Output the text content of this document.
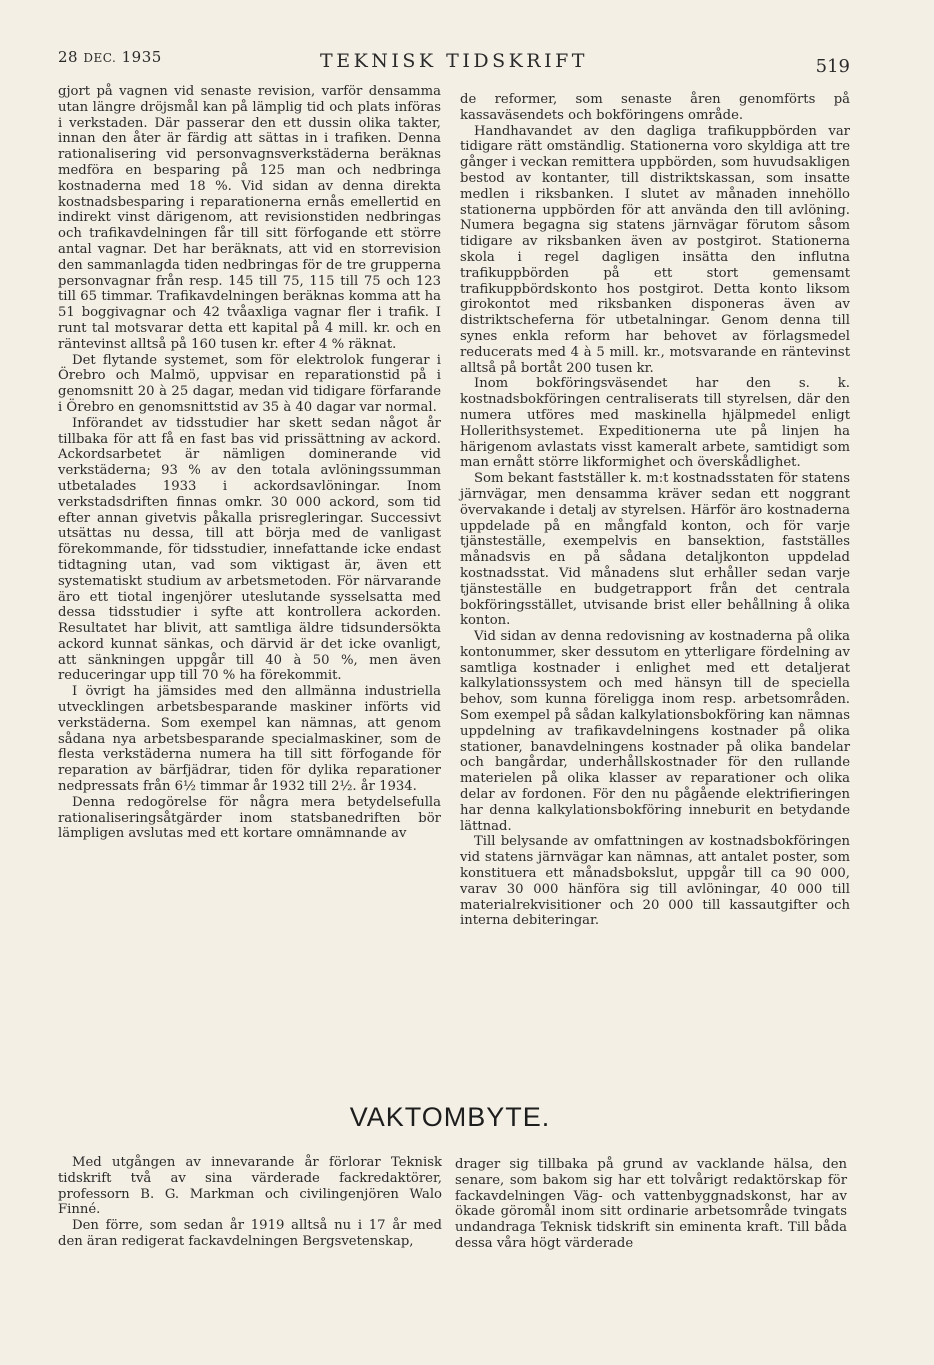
28 DEC. 1935	TEKNISK TIDSKRIFT	519

gjort på vagnen vid senaste revision, varför densamma utan längre dröjsmål kan på lämplig tid och plats införas i verkstaden. Där passerar den ett dussin olika takter, innan den åter är färdig att sättas in i trafiken. Denna rationalisering vid personvagnsverkstäderna beräknas medföra en besparing på 125 man och nedbringa kostnaderna med 18 %. Vid sidan av denna direkta kostnadsbesparing i reparationerna ernås emellertid en indirekt vinst därigenom, att revisionstiden nedbringas och trafikavdelningen får till sitt förfogande ett större antal vagnar. Det har beräknats, att vid en storrevision den sammanlagda tiden nedbringas för de tre grupperna personvagnar från resp. 145 till 75, 115 till 75 och 123 till 65 timmar. Trafikavdelningen beräknas komma att ha 51 boggivagnar och 42 tvåaxliga vagnar fler i trafik. I runt tal motsvarar detta ett kapital på 4 mill. kr. och en räntevinst alltså på 160 tusen kr. efter 4 % räknat.

Det flytande systemet, som för elektrolok fungerar i Örebro och Malmö, uppvisar en reparationstid på i genomsnitt 20 à 25 dagar, medan vid tidigare förfarande i Örebro en genomsnittstid av 35 à 40 dagar var normal.

Införandet av tidsstudier har skett sedan något år tillbaka för att få en fast bas vid prissättning av ackord. Ackordsarbetet är nämligen dominerande vid verkstäderna; 93 % av den totala avlöningssumman utbetalades 1933 i ackordsavlöningar. Inom verkstadsdriften finnas omkr. 30 000 ackord, som tid efter annan givetvis påkalla prisregleringar. Successivt utsättas nu dessa, till att börja med de vanligast förekommande, för tidsstudier, innefattande icke endast tidtagning utan, vad som viktigast är, även ett systematiskt studium av arbetsmetoden. För närvarande äro ett tiotal ingenjörer uteslutande sysselsatta med dessa tidsstudier i syfte att kontrollera ackorden. Resultatet har blivit, att samtliga äldre tidsundersökta ackord kunnat sänkas, och därvid är det icke ovanligt, att sänkningen uppgår till 40 à 50 %, men även reduceringar upp till 70 % ha förekommit.

I övrigt ha jämsides med den allmänna industriella utvecklingen arbetsbesparande maskiner införts vid verkstäderna. Som exempel kan nämnas, att genom sådana nya arbetsbesparande specialmaskiner, som de flesta verkstäderna numera ha till sitt förfogande för reparation av bärfjädrar, tiden för dylika reparationer nedpressats från 6½ timmar år 1932 till 2½. år 1934.

Denna redogörelse för några mera betydelsefulla rationaliseringsåtgärder inom statsbanedriften bör lämpligen avslutas med ett kortare omnämnande av

de reformer, som senaste åren genomförts på kassaväsendets och bokföringens område.

Handhavandet av den dagliga trafikuppbörden var tidigare rätt omständlig. Stationerna voro skyldiga att tre gånger i veckan remittera uppbörden, som huvudsakligen bestod av kontanter, till distriktskassan, som insatte medlen i riksbanken. I slutet av månaden innehöllo stationerna uppbörden för att använda den till avlöning. Numera begagna sig statens järnvägar förutom såsom tidigare av riksbanken även av postgirot. Stationerna skola i regel dagligen insätta den influtna trafikuppbörden på ett stort gemensamt trafikuppbördskonto hos postgirot. Detta konto liksom girokontot med riksbanken disponeras även av distriktscheferna för utbetalningar. Genom denna till synes enkla reform har behovet av förlagsmedel reducerats med 4 à 5 mill. kr., motsvarande en räntevinst alltså på bortåt 200 tusen kr.

Inom bokföringsväsendet har den s. k. kostnadsbokföringen centraliserats till styrelsen, där den numera utföres med maskinella hjälpmedel enligt Hollerithsystemet. Expeditionerna ute på linjen ha härigenom avlastats visst kameralt arbete, samtidigt som man ernått större likformighet och överskådlighet.

Som bekant fastställer k. m:t kostnadsstaten för statens järnvägar, men densamma kräver sedan ett noggrant övervakande i detalj av styrelsen. Härför äro kostnaderna uppdelade på en mångfald konton, och för varje tjänsteställe, exempelvis en bansektion, fastställes månadsvis en på sådana detaljkonton uppdelad kostnadsstat. Vid månadens slut erhåller sedan varje tjänsteställe en budgetrapport från det centrala bokföringsstället, utvisande brist eller behållning å olika konton.

Vid sidan av denna redovisning av kostnaderna på olika kontonummer, sker dessutom en ytterligare fördelning av samtliga kostnader i enlighet med ett detaljerat kalkylationssystem och med hänsyn till de speciella behov, som kunna föreligga inom resp. arbetsområden. Som exempel på sådan kalkylationsbokföring kan nämnas uppdelning av trafikavdelningens kostnader på olika stationer, banavdelningens kostnader på olika bandelar och bangårdar, underhållskostnader för den rullande materielen på olika klasser av reparationer och olika delar av fordonen. För den nu pågående elektrifieringen har denna kalkylationsbokföring inneburit en betydande lättnad.

Till belysande av omfattningen av kostnadsbokföringen vid statens järnvägar kan nämnas, att antalet poster, som konstituera ett månadsbokslut, uppgår till ca 90 000, varav 30 000 hänföra sig till avlöningar, 40 000 till materialrekvisitioner och 20 000 till kassautgifter och interna debiteringar.

VAKTOMBYTE.

Med utgången av innevarande år förlorar Teknisk tidskrift två av sina värderade fackredaktörer, professorn B. G. Markman och civilingenjören Walo Finné.

Den förre, som sedan år 1919 alltså nu i 17 år med den äran redigerat fackavdelningen Bergsvetenskap,

drager sig tillbaka på grund av vacklande hälsa, den senare, som bakom sig har ett tolvårigt redaktörskap för fackavdelningen Väg- och vattenbyggnadskonst, har av ökade göromål inom sitt ordinarie arbetsområde tvingats undandraga Teknisk tidskrift sin eminenta kraft. Till båda dessa våra högt värderade
